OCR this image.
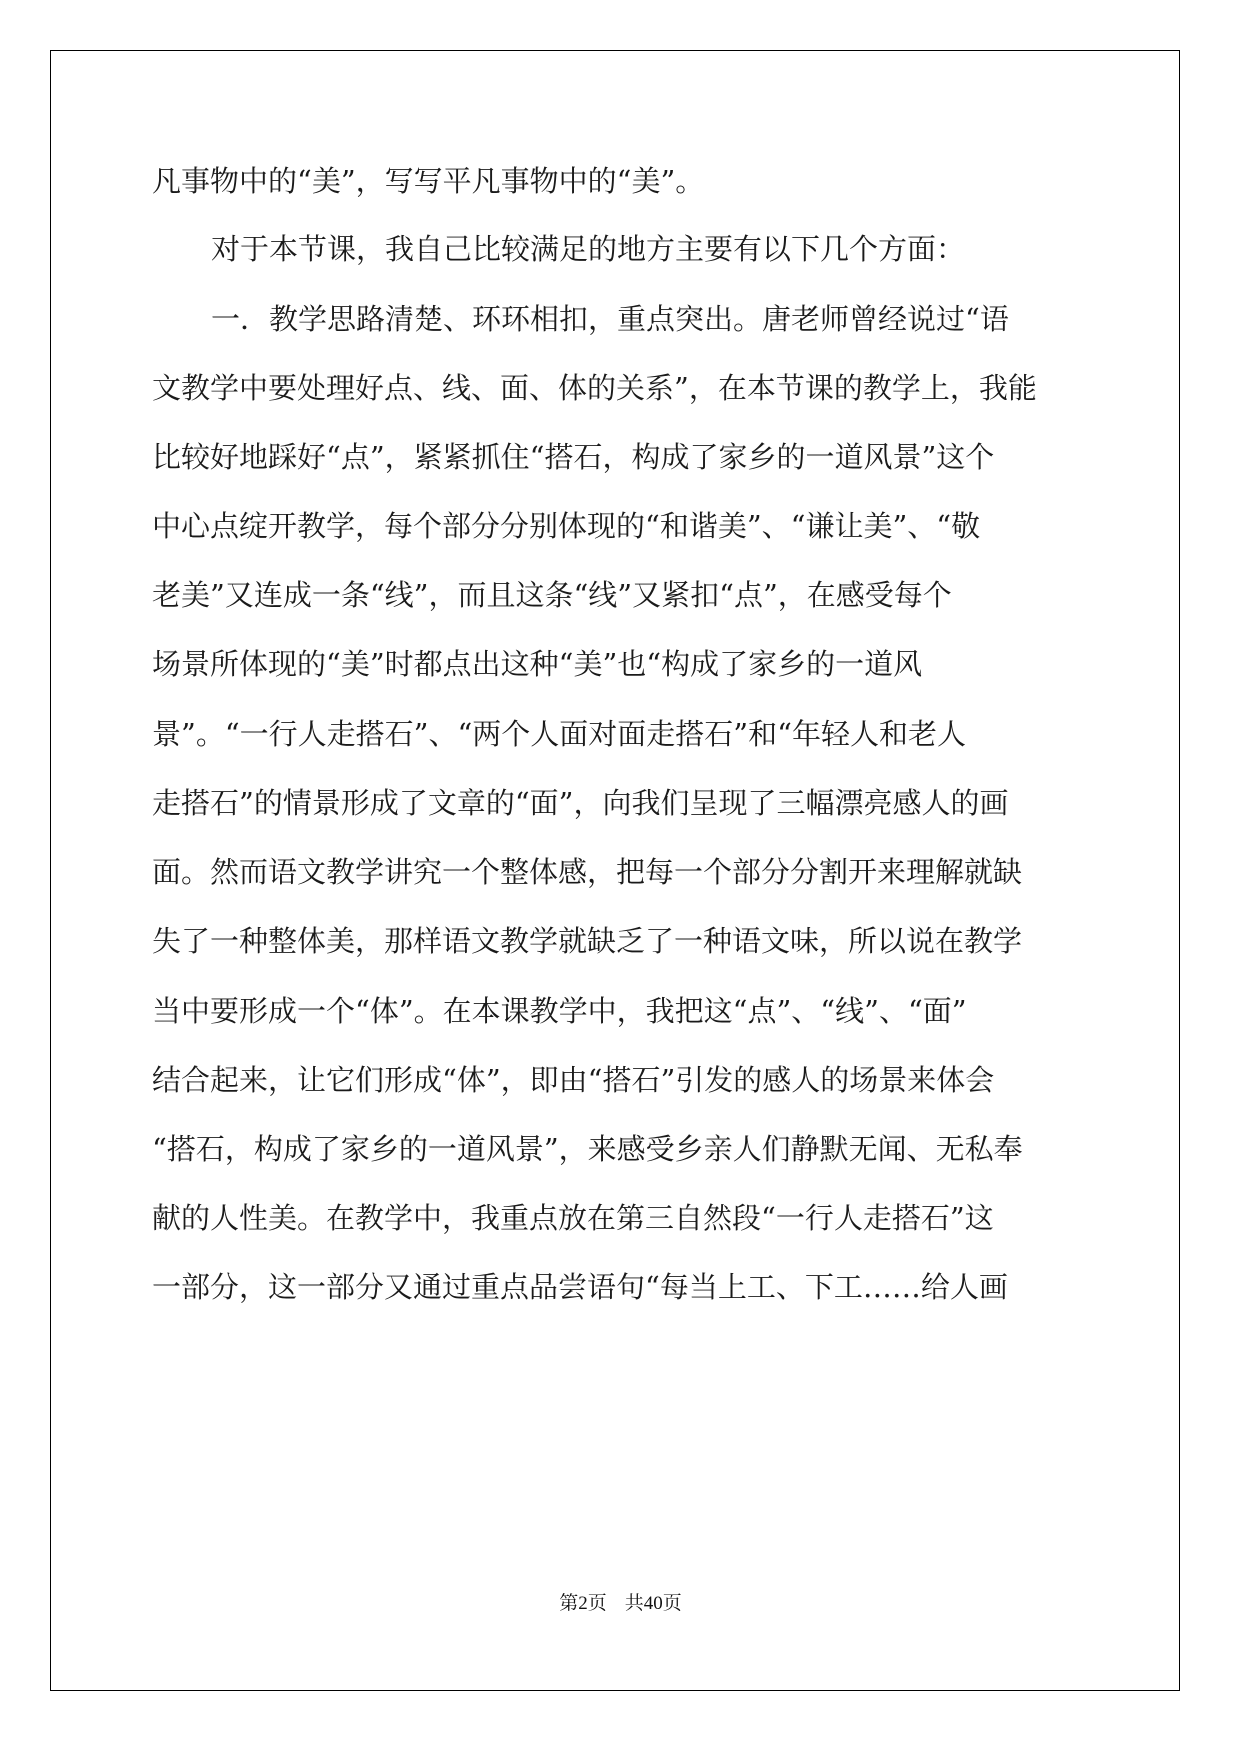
凡事物中的“美”，写写平凡事物中的“美”。
对于本节课，我自己比较满足的地方主要有以下几个方面：
一．教学思路清楚、环环相扣，重点突出。唐老师曾经说过“语
文教学中要处理好点、线、面、体的关系”，在本节课的教学上，我能
比较好地踩好“点”，紧紧抓住“搭石，构成了家乡的一道风景”这个
中心点绽开教学，每个部分分别体现的“和谐美”、“谦让美”、“敬
老美”又连成一条“线”，而且这条“线”又紧扣“点”，在感受每个
场景所体现的“美”时都点出这种“美”也“构成了家乡的一道风
景”。“一行人走搭石”、“两个人面对面走搭石”和“年轻人和老人
走搭石”的情景形成了文章的“面”，向我们呈现了三幅漂亮感人的画
面。然而语文教学讲究一个整体感，把每一个部分分割开来理解就缺
失了一种整体美，那样语文教学就缺乏了一种语文味，所以说在教学
当中要形成一个“体”。在本课教学中，我把这“点”、“线”、“面”
结合起来，让它们形成“体”，即由“搭石”引发的感人的场景来体会
“搭石，构成了家乡的一道风景”，来感受乡亲人们静默无闻、无私奉
献的人性美。在教学中，我重点放在第三自然段“一行人走搭石”这
一部分，这一部分又通过重点品尝语句“每当上工、下工……给人画
第2页 共40页
